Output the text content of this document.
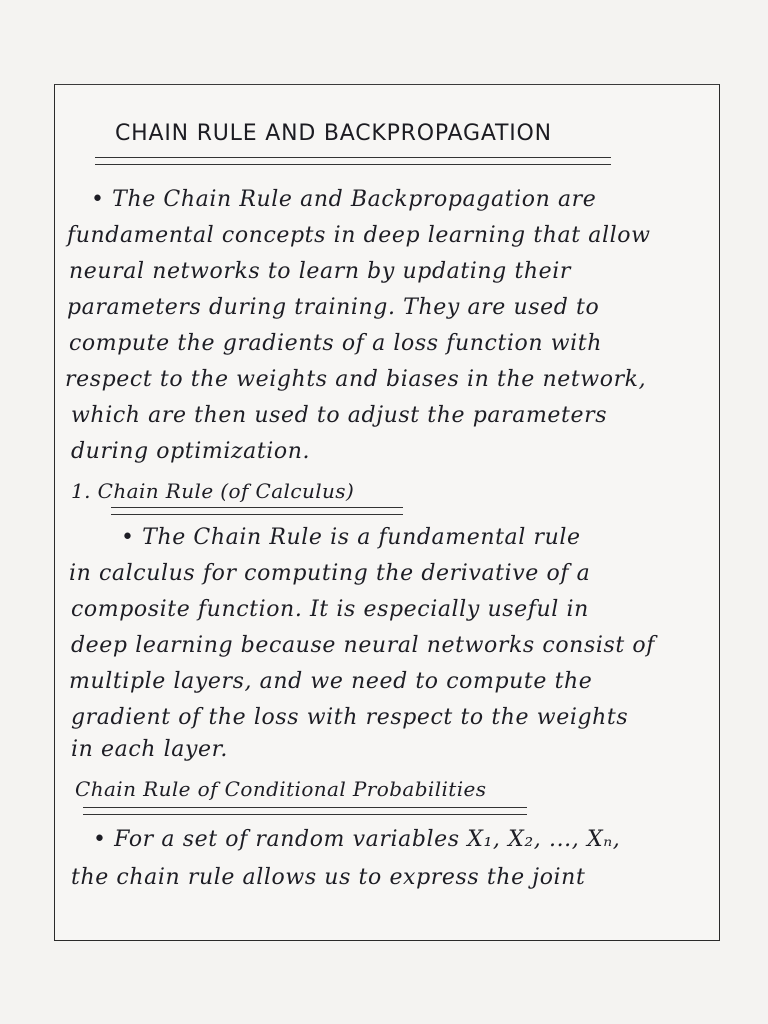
CHAIN RULE AND BACKPROPAGATION
• The Chain Rule and Backpropagation are
fundamental concepts in deep learning that allow
neural networks to learn by updating their
parameters during training. They are used to
compute the gradients of a loss function with
respect to the weights and biases in the network,
which are then used to adjust the parameters
during optimization.
1. Chain Rule (of Calculus)
• The Chain Rule is a fundamental rule
in calculus for computing the derivative of a
composite function. It is especially useful in
deep learning because neural networks consist of
multiple layers, and we need to compute the
gradient of the loss with respect to the weights
in each layer.
Chain Rule of Conditional Probabilities
• For a set of random variables X₁, X₂, ..., Xₙ,
the chain rule allows us to express the joint
